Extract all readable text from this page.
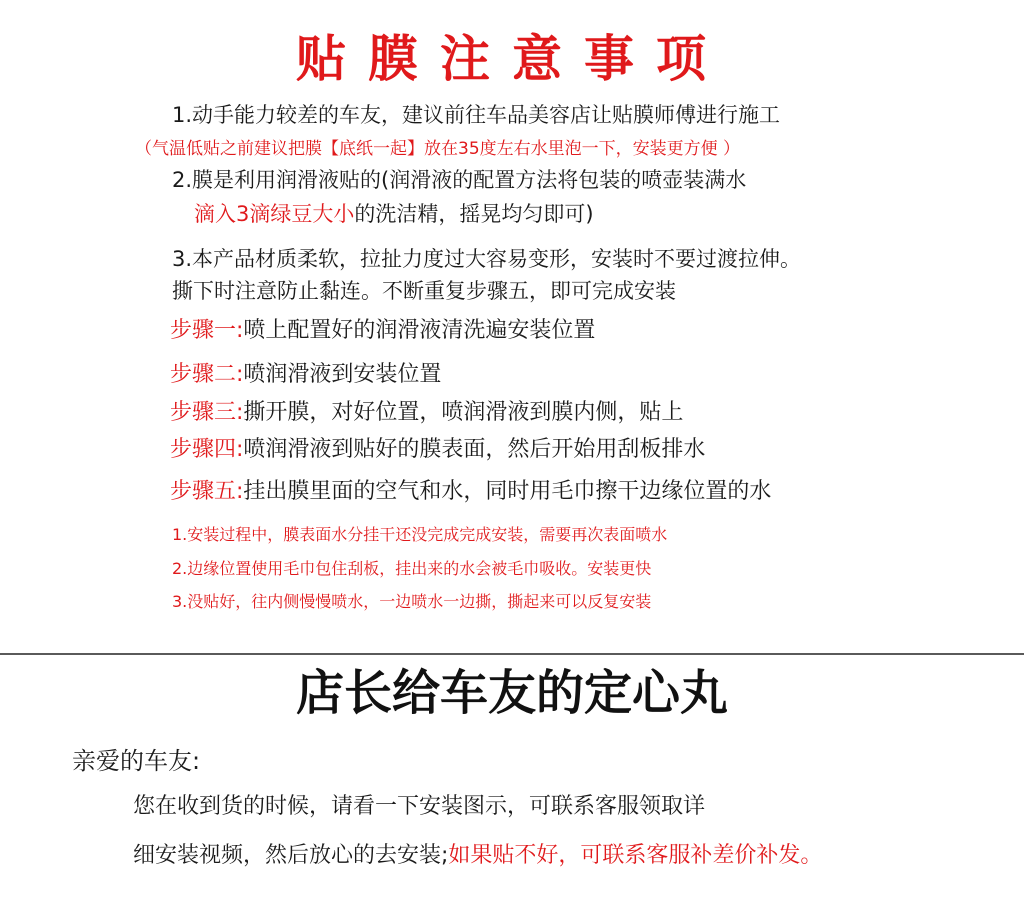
贴膜注意事项
1.动手能力较差的车友，建议前往车品美容店让贴膜师傅进行施工
（气温低贴之前建议把膜【底纸一起】放在35度左右水里泡一下，安装更方便 ）
2.膜是利用润滑液贴的(润滑液的配置方法将包装的喷壶装满水
滴入3滴绿豆大小的洗洁精，摇晃均匀即可)
3.本产品材质柔软，拉扯力度过大容易变形，安装时不要过渡拉伸。
撕下时注意防止黏连。不断重复步骤五，即可完成安装
步骤一:喷上配置好的润滑液清洗遍安装位置
步骤二:喷润滑液到安装位置
步骤三:撕开膜，对好位置，喷润滑液到膜内侧，贴上
步骤四:喷润滑液到贴好的膜表面，然后开始用刮板排水
步骤五:挂出膜里面的空气和水，同时用毛巾擦干边缘位置的水
1.安装过程中，膜表面水分挂干还没完成完成安装，需要再次表面喷水
2.边缘位置使用毛巾包住刮板，挂出来的水会被毛巾吸收。安装更快
3.没贴好，往内侧慢慢喷水，一边喷水一边撕，撕起来可以反复安装
店长给车友的定心丸
亲爱的车友:
您在收到货的时候，请看一下安装图示，可联系客服领取详
细安装视频，然后放心的去安装;如果贴不好，可联系客服补差价补发。
